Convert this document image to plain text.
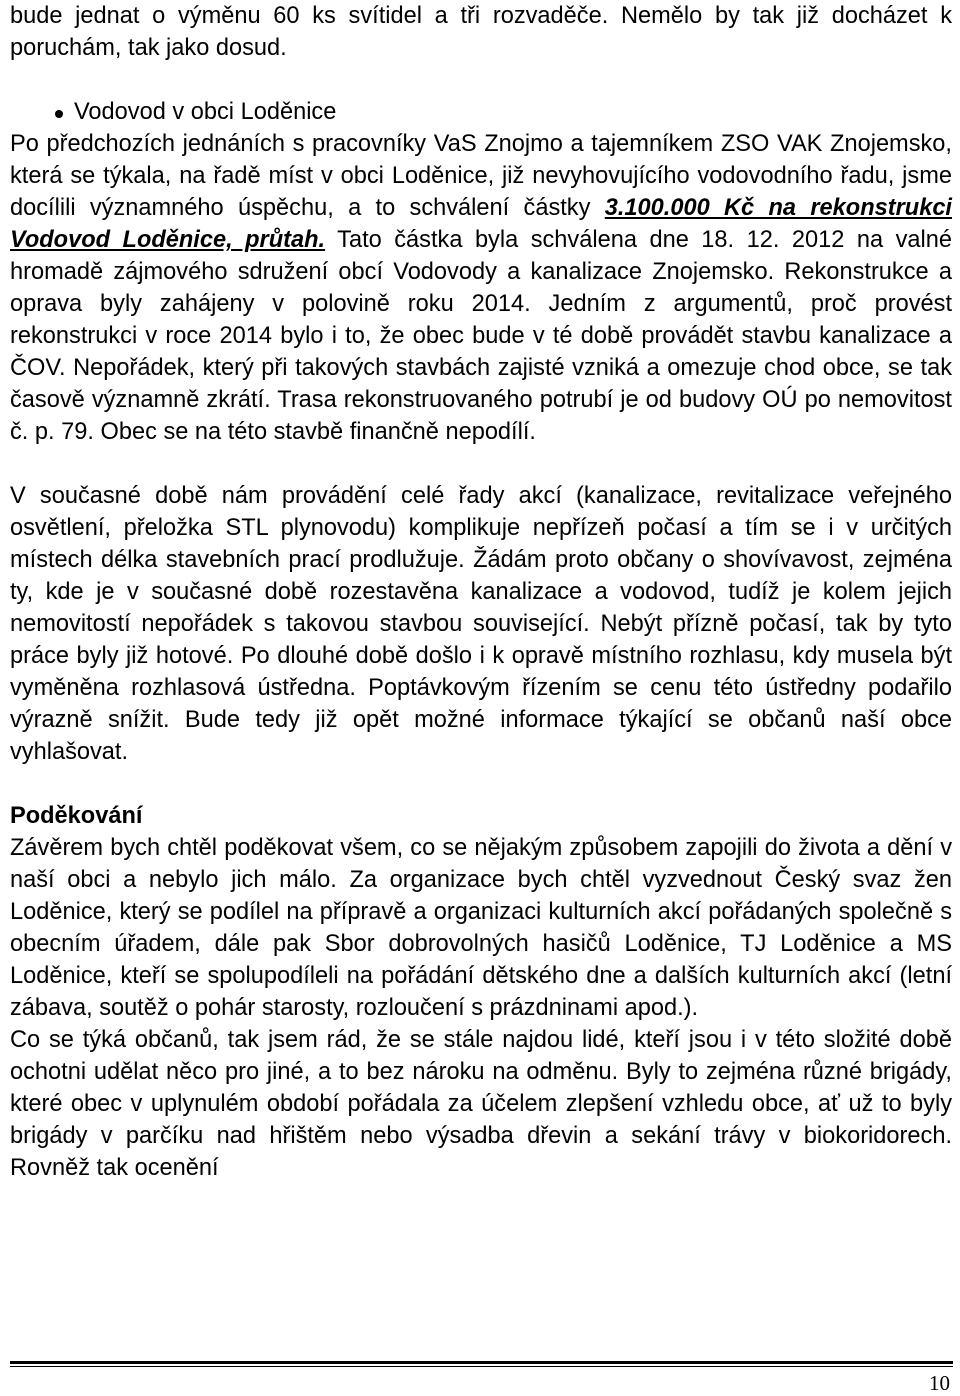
bude jednat o výměnu 60 ks svítidel a tři rozvaděče. Nemělo by tak již docházet k poruchám, tak jako dosud.

Vodovod v obci Loděnice

Po předchozích jednáních s pracovníky VaS Znojmo a tajemníkem ZSO VAK Znojemsko, která se týkala, na řadě míst v obci Loděnice, již nevyhovujícího vodovodního řadu, jsme docílili významného úspěchu, a to schválení částky 3.100.000 Kč na rekonstrukci Vodovod Loděnice, průtah. Tato částka byla schválena dne 18. 12. 2012 na valné hromadě zájmového sdružení obcí Vodovody a kanalizace Znojemsko. Rekonstrukce a oprava byly zahájeny v polovině roku 2014. Jedním z argumentů, proč provést rekonstrukci v roce 2014 bylo i to, že obec bude v té době provádět stavbu kanalizace a ČOV. Nepořádek, který při takových stavbách zajisté vzniká a omezuje chod obce, se tak časově významně zkrátí. Trasa rekonstruovaného potrubí je od budovy OÚ po nemovitost č. p. 79. Obec se na této stavbě finančně nepodílí.

V současné době nám provádění celé řady akcí (kanalizace, revitalizace veřejného osvětlení, přeložka STL plynovodu) komplikuje nepřízeň počasí a tím se i v určitých místech délka stavebních prací prodlužuje. Žádám proto občany o shovívavost, zejména ty, kde je v současné době rozestavěna kanalizace a vodovod, tudíž je kolem jejich nemovitostí nepořádek s takovou stavbou související. Nebýt přízně počasí, tak by tyto práce byly již hotové. Po dlouhé době došlo i k opravě místního rozhlasu, kdy musela být vyměněna rozhlasová ústředna. Poptávkovým řízením se cenu této ústředny podařilo výrazně snížit. Bude tedy již opět možné informace týkající se občanů naší obce vyhlašovat.

Poděkování

Závěrem bych chtěl poděkovat všem, co se nějakým způsobem zapojili do života a dění v naší obci a nebylo jich málo. Za organizace bych chtěl vyzvednout Český svaz žen Loděnice, který se podílel na přípravě a organizaci kulturních akcí pořádaných společně s obecním úřadem, dále pak Sbor dobrovolných hasičů Loděnice, TJ Loděnice a MS Loděnice, kteří se spolupodíleli na pořádání dětského dne a dalších kulturních akcí (letní zábava, soutěž o pohár starosty, rozloučení s prázdninami apod.).

Co se týká občanů, tak jsem rád, že se stále najdou lidé, kteří jsou i v této složité době ochotni udělat něco pro jiné, a to bez nároku na odměnu. Byly to zejména různé brigády, které obec v uplynulém období pořádala za účelem zlepšení vzhledu obce, ať už to byly brigády v parčíku nad hřištěm nebo výsadba dřevin a sekání trávy v biokoridorech. Rovněž tak ocenění

10
